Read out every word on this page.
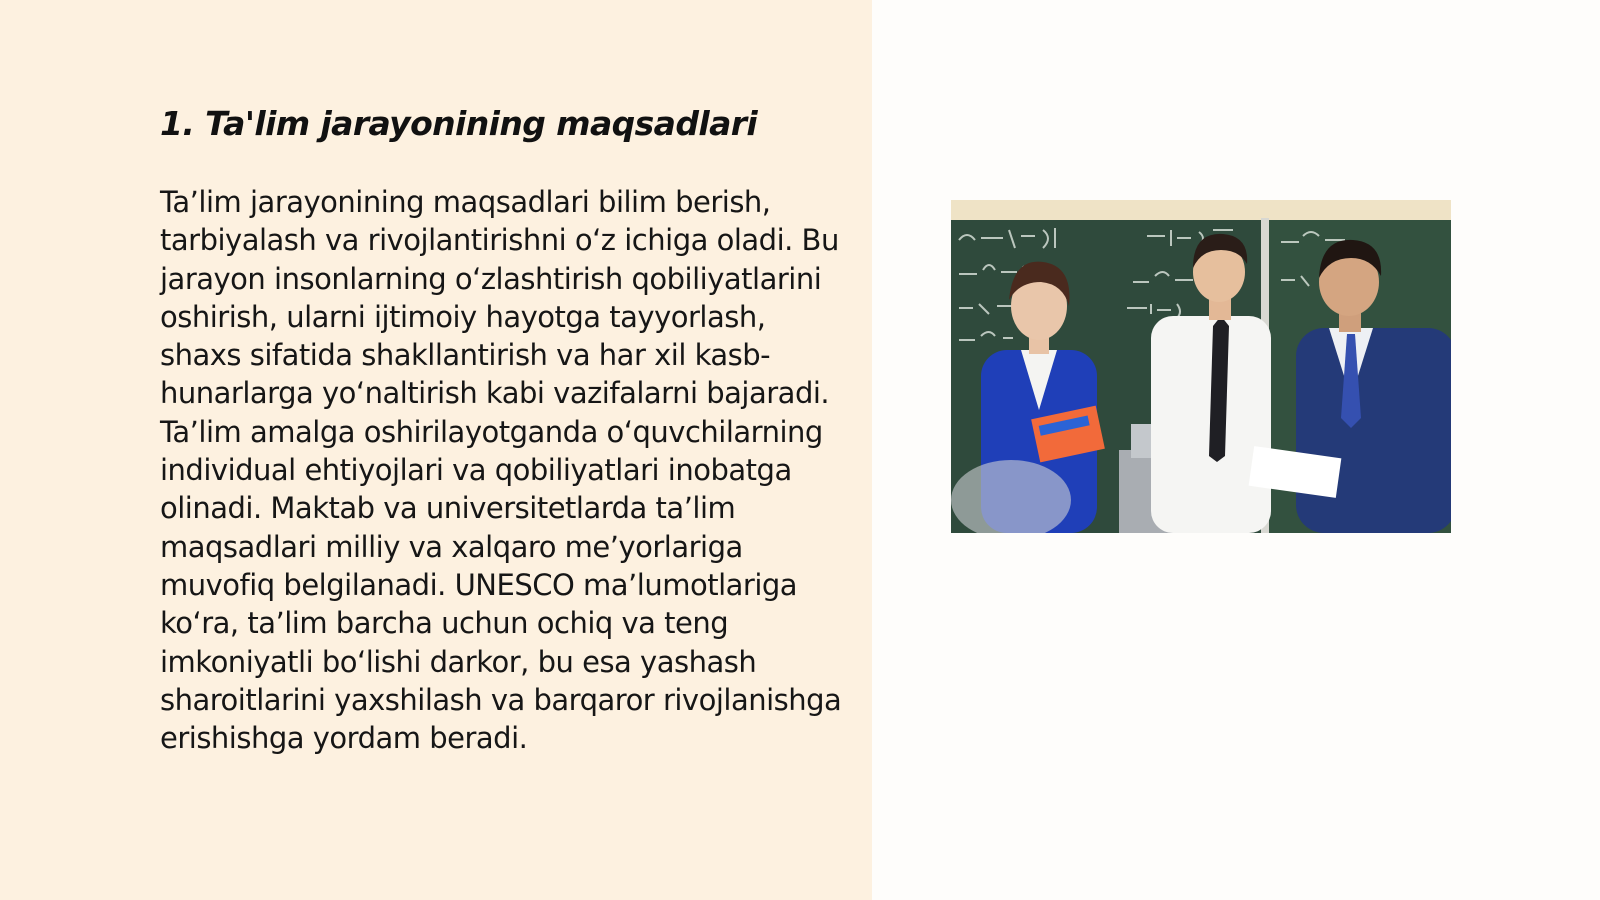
1. Ta'lim jarayonining maqsadlari

Ta’lim jarayonining maqsadlari bilim berish, tarbiyalash va rivojlantirishni oʻz ichiga oladi. Bu jarayon insonlarning oʻzlashtirish qobiliyatlarini oshirish, ularni ijtimoiy hayotga tayyorlash, shaxs sifatida shakllantirish va har xil kasb-hunarlarga yoʻnaltirish kabi vazifalarni bajaradi. Ta’lim amalga oshirilayotganda oʻquvchilarning individual ehtiyojlari va qobiliyatlari inobatga olinadi. Maktab va universitetlarda ta’lim maqsadlari milliy va xalqaro me’yorlariga muvofiq belgilanadi. UNESCO ma’lumotlariga koʻra, ta’lim barcha uchun ochiq va teng imkoniyatli boʻlishi darkor, bu esa yashash sharoitlarini yaxshilash va barqaror rivojlanishga erishishga yordam beradi.
